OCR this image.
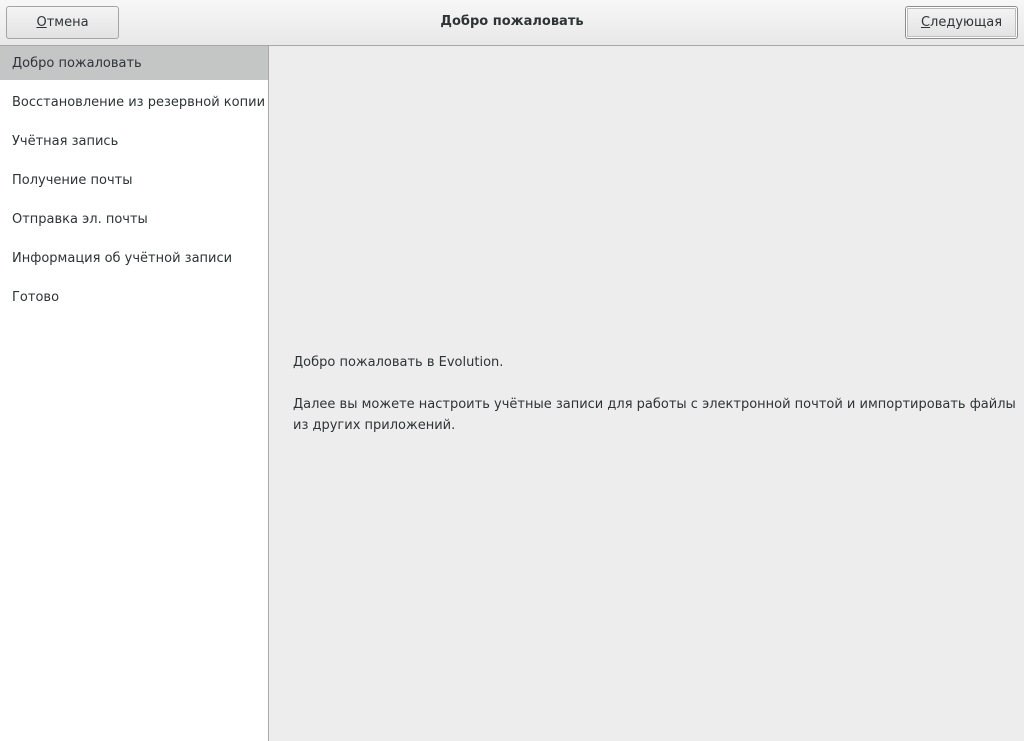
О тмена	Добро пожаловать	С ледующая
Добро пожаловать
Восстановление из резервной копии
Учётная запись
Получение почты
Отправка эл. почты
Информация об учётной записи
Готово

Добро пожаловать в Evolution.

Далее вы можете настроить учётные записи для работы с электронной почтой и импортировать файлы из других приложений.
